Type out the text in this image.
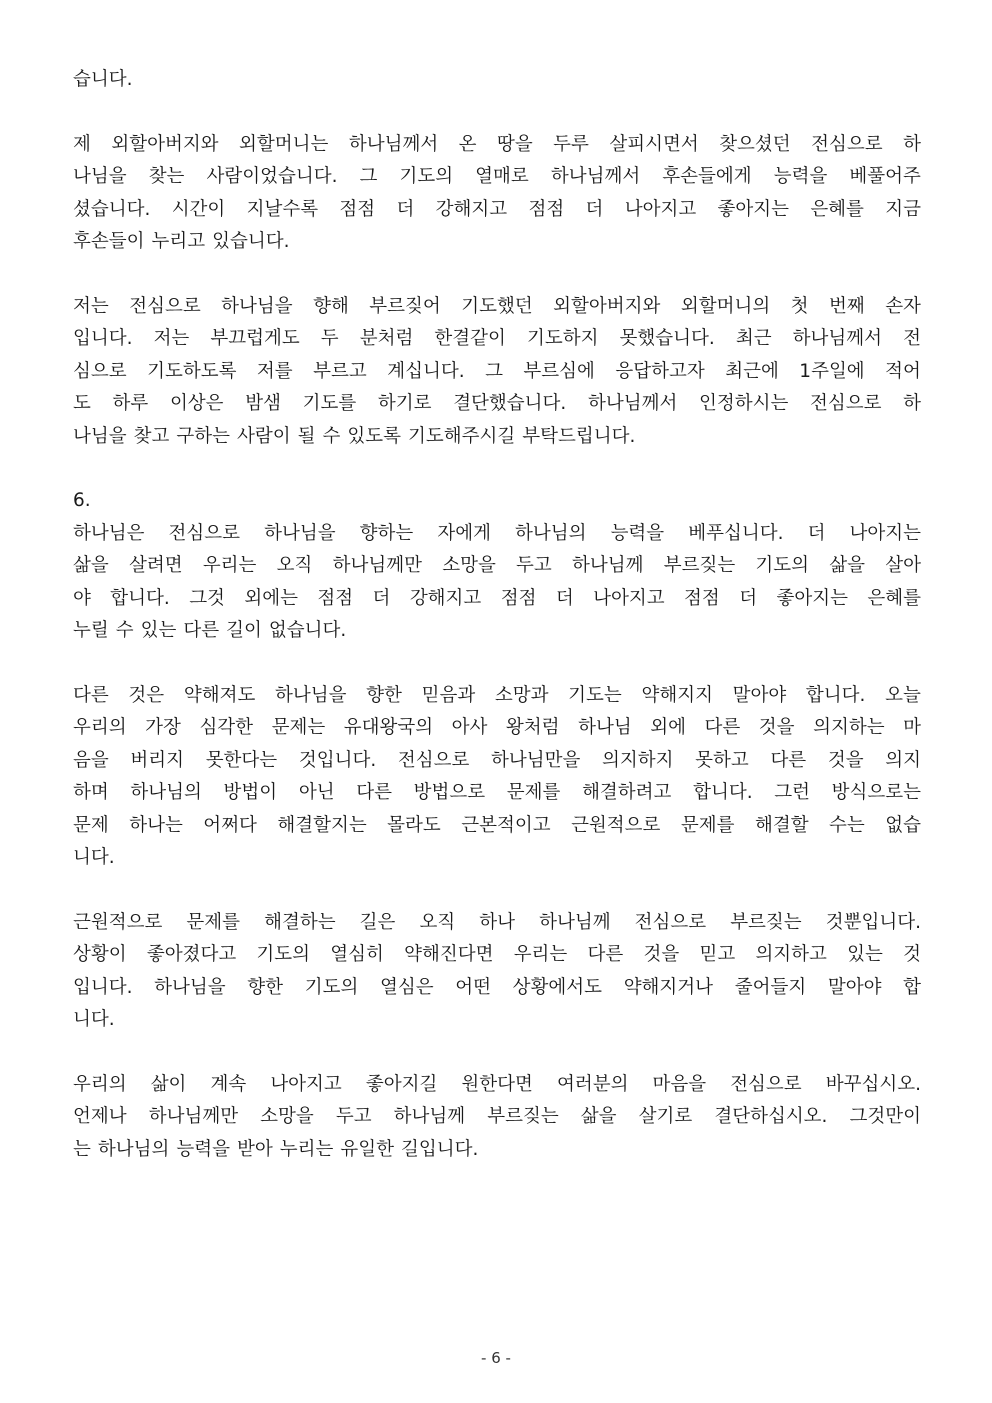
습니다.
제 외할아버지와 외할머니는 하나님께서 온 땅을 두루 살피시면서 찾으셨던 전심으로 하
나님을 찾는 사람이었습니다. 그 기도의 열매로 하나님께서 후손들에게 능력을 베풀어주
셨습니다. 시간이 지날수록 점점 더 강해지고 점점 더 나아지고 좋아지는 은혜를 지금
후손들이 누리고 있습니다.
저는 전심으로 하나님을 향해 부르짖어 기도했던 외할아버지와 외할머니의 첫 번째 손자
입니다. 저는 부끄럽게도 두 분처럼 한결같이 기도하지 못했습니다. 최근 하나님께서 전
심으로 기도하도록 저를 부르고 계십니다. 그 부르심에 응답하고자 최근에 1주일에 적어
도 하루 이상은 밤샘 기도를 하기로 결단했습니다. 하나님께서 인정하시는 전심으로 하
나님을 찾고 구하는 사람이 될 수 있도록 기도해주시길 부탁드립니다.
6.
하나님은 전심으로 하나님을 향하는 자에게 하나님의 능력을 베푸십니다. 더 나아지는
삶을 살려면 우리는 오직 하나님께만 소망을 두고 하나님께 부르짖는 기도의 삶을 살아
야 합니다. 그것 외에는 점점 더 강해지고 점점 더 나아지고 점점 더 좋아지는 은혜를
누릴 수 있는 다른 길이 없습니다.
다른 것은 약해져도 하나님을 향한 믿음과 소망과 기도는 약해지지 말아야 합니다. 오늘
우리의 가장 심각한 문제는 유대왕국의 아사 왕처럼 하나님 외에 다른 것을 의지하는 마
음을 버리지 못한다는 것입니다. 전심으로 하나님만을 의지하지 못하고 다른 것을 의지
하며 하나님의 방법이 아닌 다른 방법으로 문제를 해결하려고 합니다. 그런 방식으로는
문제 하나는 어쩌다 해결할지는 몰라도 근본적이고 근원적으로 문제를 해결할 수는 없습
니다.
근원적으로 문제를 해결하는 길은 오직 하나 하나님께 전심으로 부르짖는 것뿐입니다.
상황이 좋아졌다고 기도의 열심히 약해진다면 우리는 다른 것을 믿고 의지하고 있는 것
입니다. 하나님을 향한 기도의 열심은 어떤 상황에서도 약해지거나 줄어들지 말아야 합
니다.
우리의 삶이 계속 나아지고 좋아지길 원한다면 여러분의 마음을 전심으로 바꾸십시오.
언제나 하나님께만 소망을 두고 하나님께 부르짖는 삶을 살기로 결단하십시오. 그것만이
는 하나님의 능력을 받아 누리는 유일한 길입니다.
- 6 -
